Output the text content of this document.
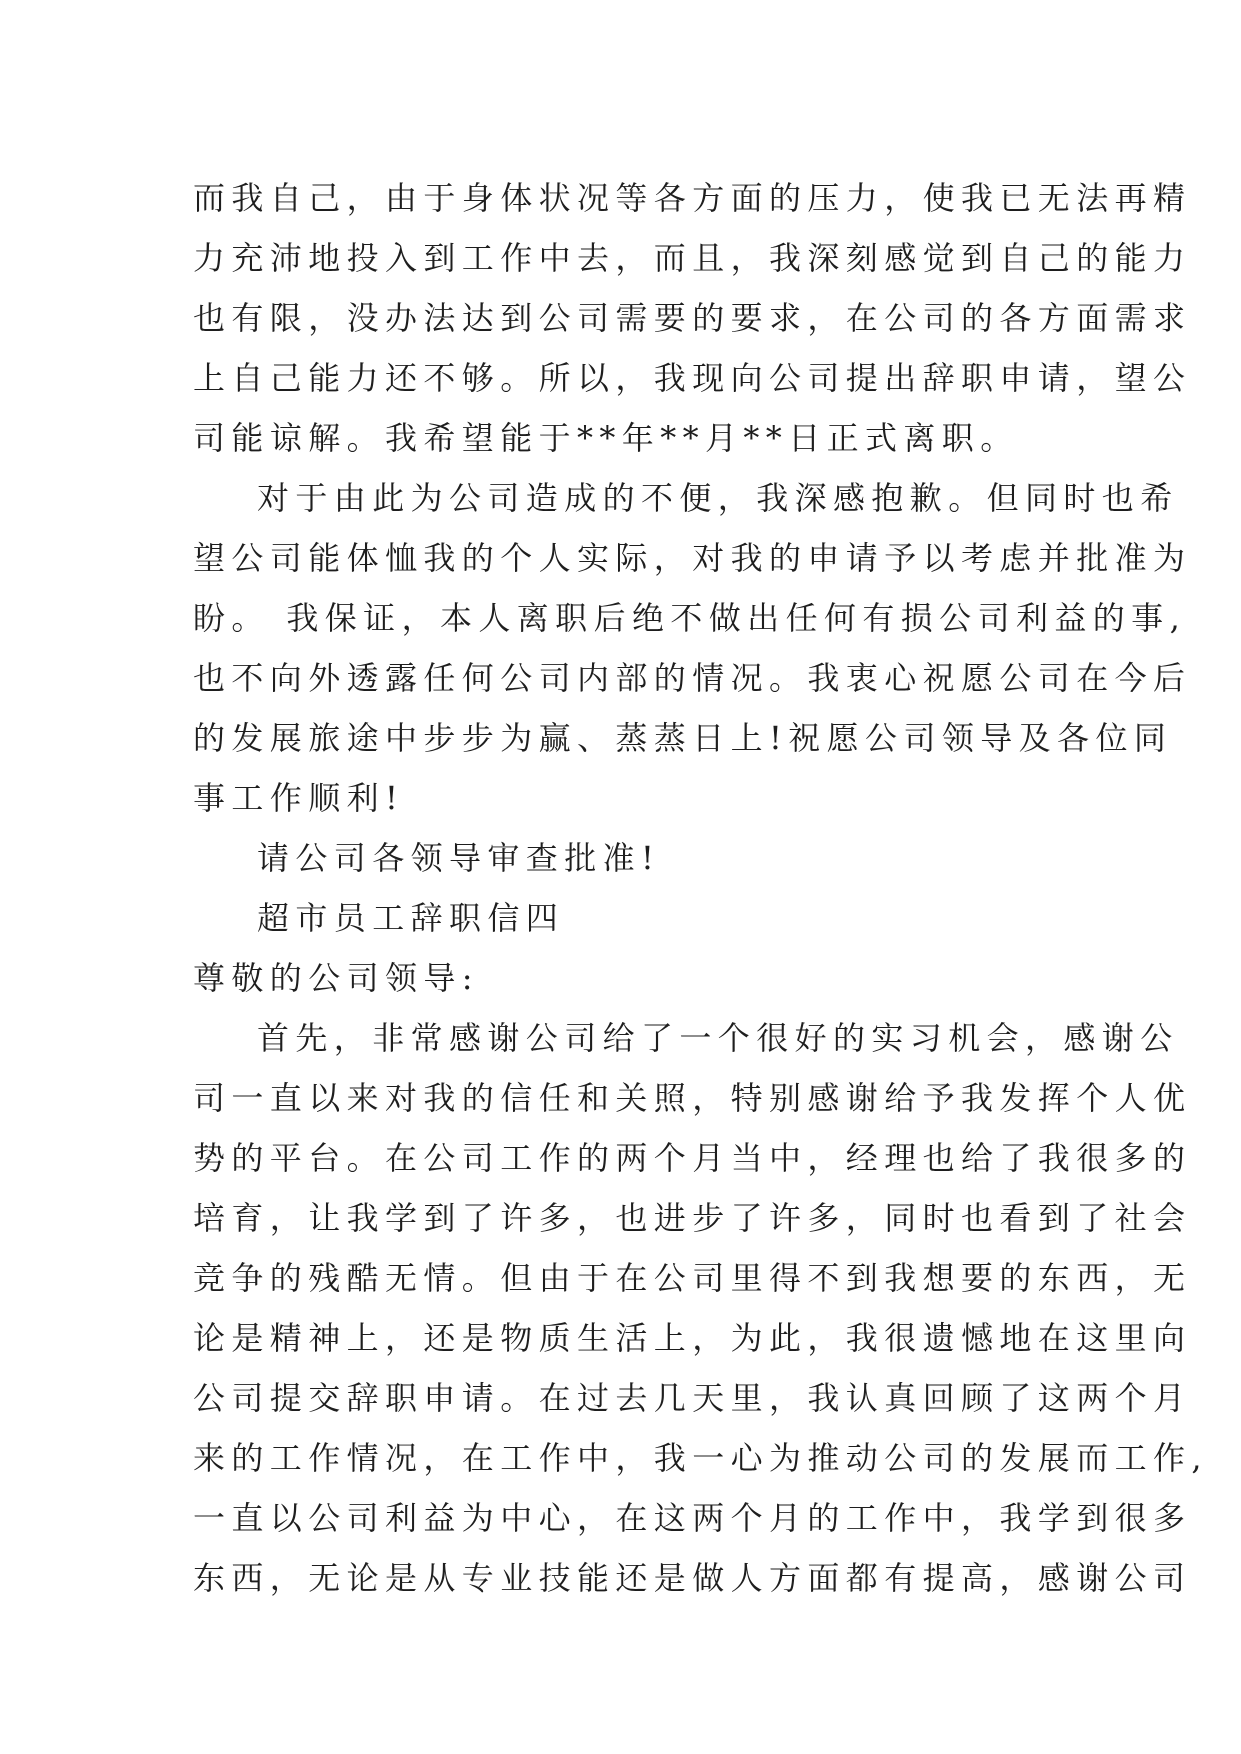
而我自己，由于身体状况等各方面的压力，使我已无法再精
力充沛地投入到工作中去，而且，我深刻感觉到自己的能力
也有限，没办法达到公司需要的要求，在公司的各方面需求
上自己能力还不够。所以，我现向公司提出辞职申请，望公
司能谅解。我希望能于**年**月**日正式离职。
对于由此为公司造成的不便，我深感抱歉。但同时也希
望公司能体恤我的个人实际，对我的申请予以考虑并批准为
盼。 我保证，本人离职后绝不做出任何有损公司利益的事,
也不向外透露任何公司内部的情况。我衷心祝愿公司在今后
的发展旅途中步步为赢、蒸蒸日上!祝愿公司领导及各位同
事工作顺利!
请公司各领导审查批准!
超市员工辞职信四
尊敬的公司领导:
首先，非常感谢公司给了一个很好的实习机会，感谢公
司一直以来对我的信任和关照，特别感谢给予我发挥个人优
势的平台。在公司工作的两个月当中，经理也给了我很多的
培育，让我学到了许多，也进步了许多，同时也看到了社会
竞争的残酷无情。但由于在公司里得不到我想要的东西，无
论是精神上，还是物质生活上，为此，我很遗憾地在这里向
公司提交辞职申请。在过去几天里，我认真回顾了这两个月
来的工作情况，在工作中，我一心为推动公司的发展而工作,
一直以公司利益为中心，在这两个月的工作中，我学到很多
东西，无论是从专业技能还是做人方面都有提高，感谢公司
